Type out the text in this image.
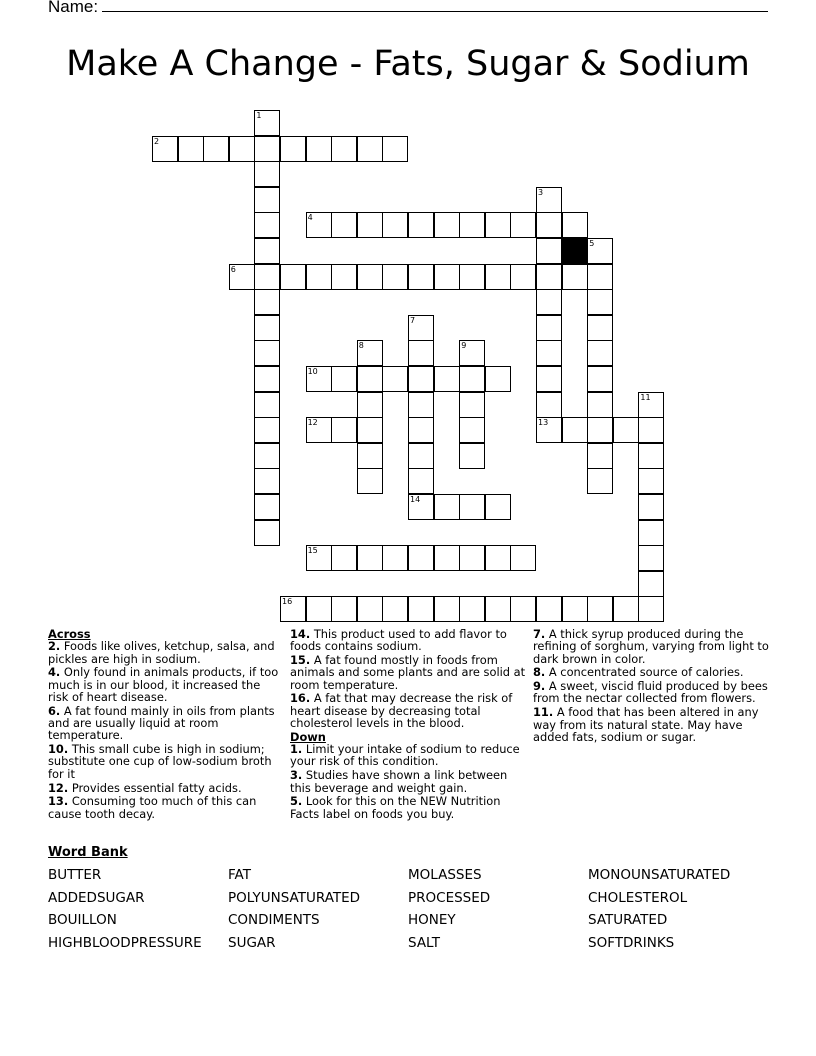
Name:
Make A Change - Fats, Sugar & Sodium
1
2
3
13
4
5
6
7
14
8	9
10
11
12
15
16
Across
2. Foods like olives, ketchup, salsa, and pickles are high in sodium.
4. Only found in animals products, if too much is in our blood, it increased the risk of heart disease.
6. A fat found mainly in oils from plants and are usually liquid at room temperature.
10. This small cube is high in sodium; substitute one cup of low-sodium broth for it
12. Provides essential fatty acids.
13. Consuming too much of this can cause tooth decay.
14. This product used to add flavor to foods contains sodium.
15. A fat found mostly in foods from animals and some plants and are solid at room temperature.
16. A fat that may decrease the risk of heart disease by decreasing total cholesterol levels in the blood.
Down
1. Limit your intake of sodium to reduce your risk of this condition.
3. Studies have shown a link between this beverage and weight gain.
5. Look for this on the NEW Nutrition Facts label on foods you buy.
7. A thick syrup produced during the refining of sorghum, varying from light to dark brown in color.
8. A concentrated source of calories.
9. A sweet, viscid fluid produced by bees from the nectar collected from flowers.
11. A food that has been altered in any way from its natural state. May have added fats, sodium or sugar.
Word Bank
BUTTER
ADDEDSUGAR
BOUILLON
HIGHBLOODPRESSURE
FAT
POLYUNSATURATED
CONDIMENTS
SUGAR
MOLASSES
PROCESSED
HONEY
SALT
MONOUNSATURATED
CHOLESTEROL
SATURATED
SOFTDRINKS
